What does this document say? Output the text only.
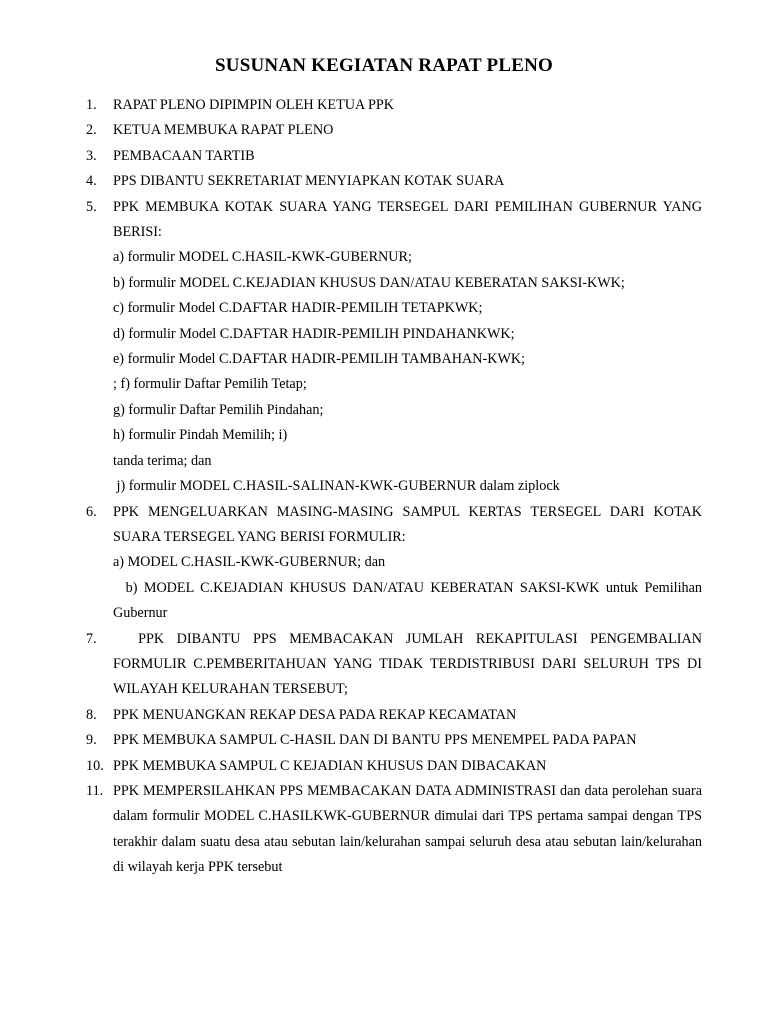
SUSUNAN KEGIATAN RAPAT PLENO
1.	RAPAT PLENO DIPIMPIN OLEH KETUA PPK
2.	KETUA MEMBUKA RAPAT PLENO
3.	PEMBACAAN TARTIB
4.	PPS DIBANTU SEKRETARIAT MENYIAPKAN KOTAK SUARA
5.	PPK MEMBUKA KOTAK SUARA YANG TERSEGEL DARI PEMILIHAN GUBERNUR YANG BERISI:
a) formulir MODEL C.HASIL-KWK-GUBERNUR;
b) formulir MODEL C.KEJADIAN KHUSUS DAN/ATAU KEBERATAN SAKSI-KWK;
c) formulir Model C.DAFTAR HADIR-PEMILIH TETAPKWK;
d) formulir Model C.DAFTAR HADIR-PEMILIH PINDAHANKWK;
e) formulir Model C.DAFTAR HADIR-PEMILIH TAMBAHAN-KWK;
; f) formulir Daftar Pemilih Tetap;
g) formulir Daftar Pemilih Pindahan;
h) formulir Pindah Memilih; i)
tanda terima; dan
j) formulir MODEL C.HASIL-SALINAN-KWK-GUBERNUR dalam ziplock
6.	PPK MENGELUARKAN MASING-MASING SAMPUL KERTAS TERSEGEL DARI KOTAK SUARA TERSEGEL YANG BERISI FORMULIR:
a) MODEL C.HASIL-KWK-GUBERNUR; dan
b) MODEL C.KEJADIAN KHUSUS DAN/ATAU KEBERATAN SAKSI-KWK untuk Pemilihan Gubernur
7.	PPK DIBANTU PPS MEMBACAKAN JUMLAH REKAPITULASI PENGEMBALIAN FORMULIR C.PEMBERITAHUAN YANG TIDAK TERDISTRIBUSI DARI SELURUH TPS DI WILAYAH KELURAHAN TERSEBUT;
8.	PPK MENUANGKAN REKAP DESA PADA REKAP KECAMATAN
9.	PPK MEMBUKA SAMPUL C-HASIL DAN DI BANTU PPS MENEMPEL PADA PAPAN
10. PPK MEMBUKA SAMPUL C KEJADIAN KHUSUS DAN DIBACAKAN
11. PPK MEMPERSILAHKAN PPS MEMBACAKAN DATA ADMINISTRASI dan data perolehan suara dalam formulir MODEL C.HASILKWK-GUBERNUR dimulai dari TPS pertama sampai dengan TPS terakhir dalam suatu desa atau sebutan lain/kelurahan sampai seluruh desa atau sebutan lain/kelurahan di wilayah kerja PPK tersebut
